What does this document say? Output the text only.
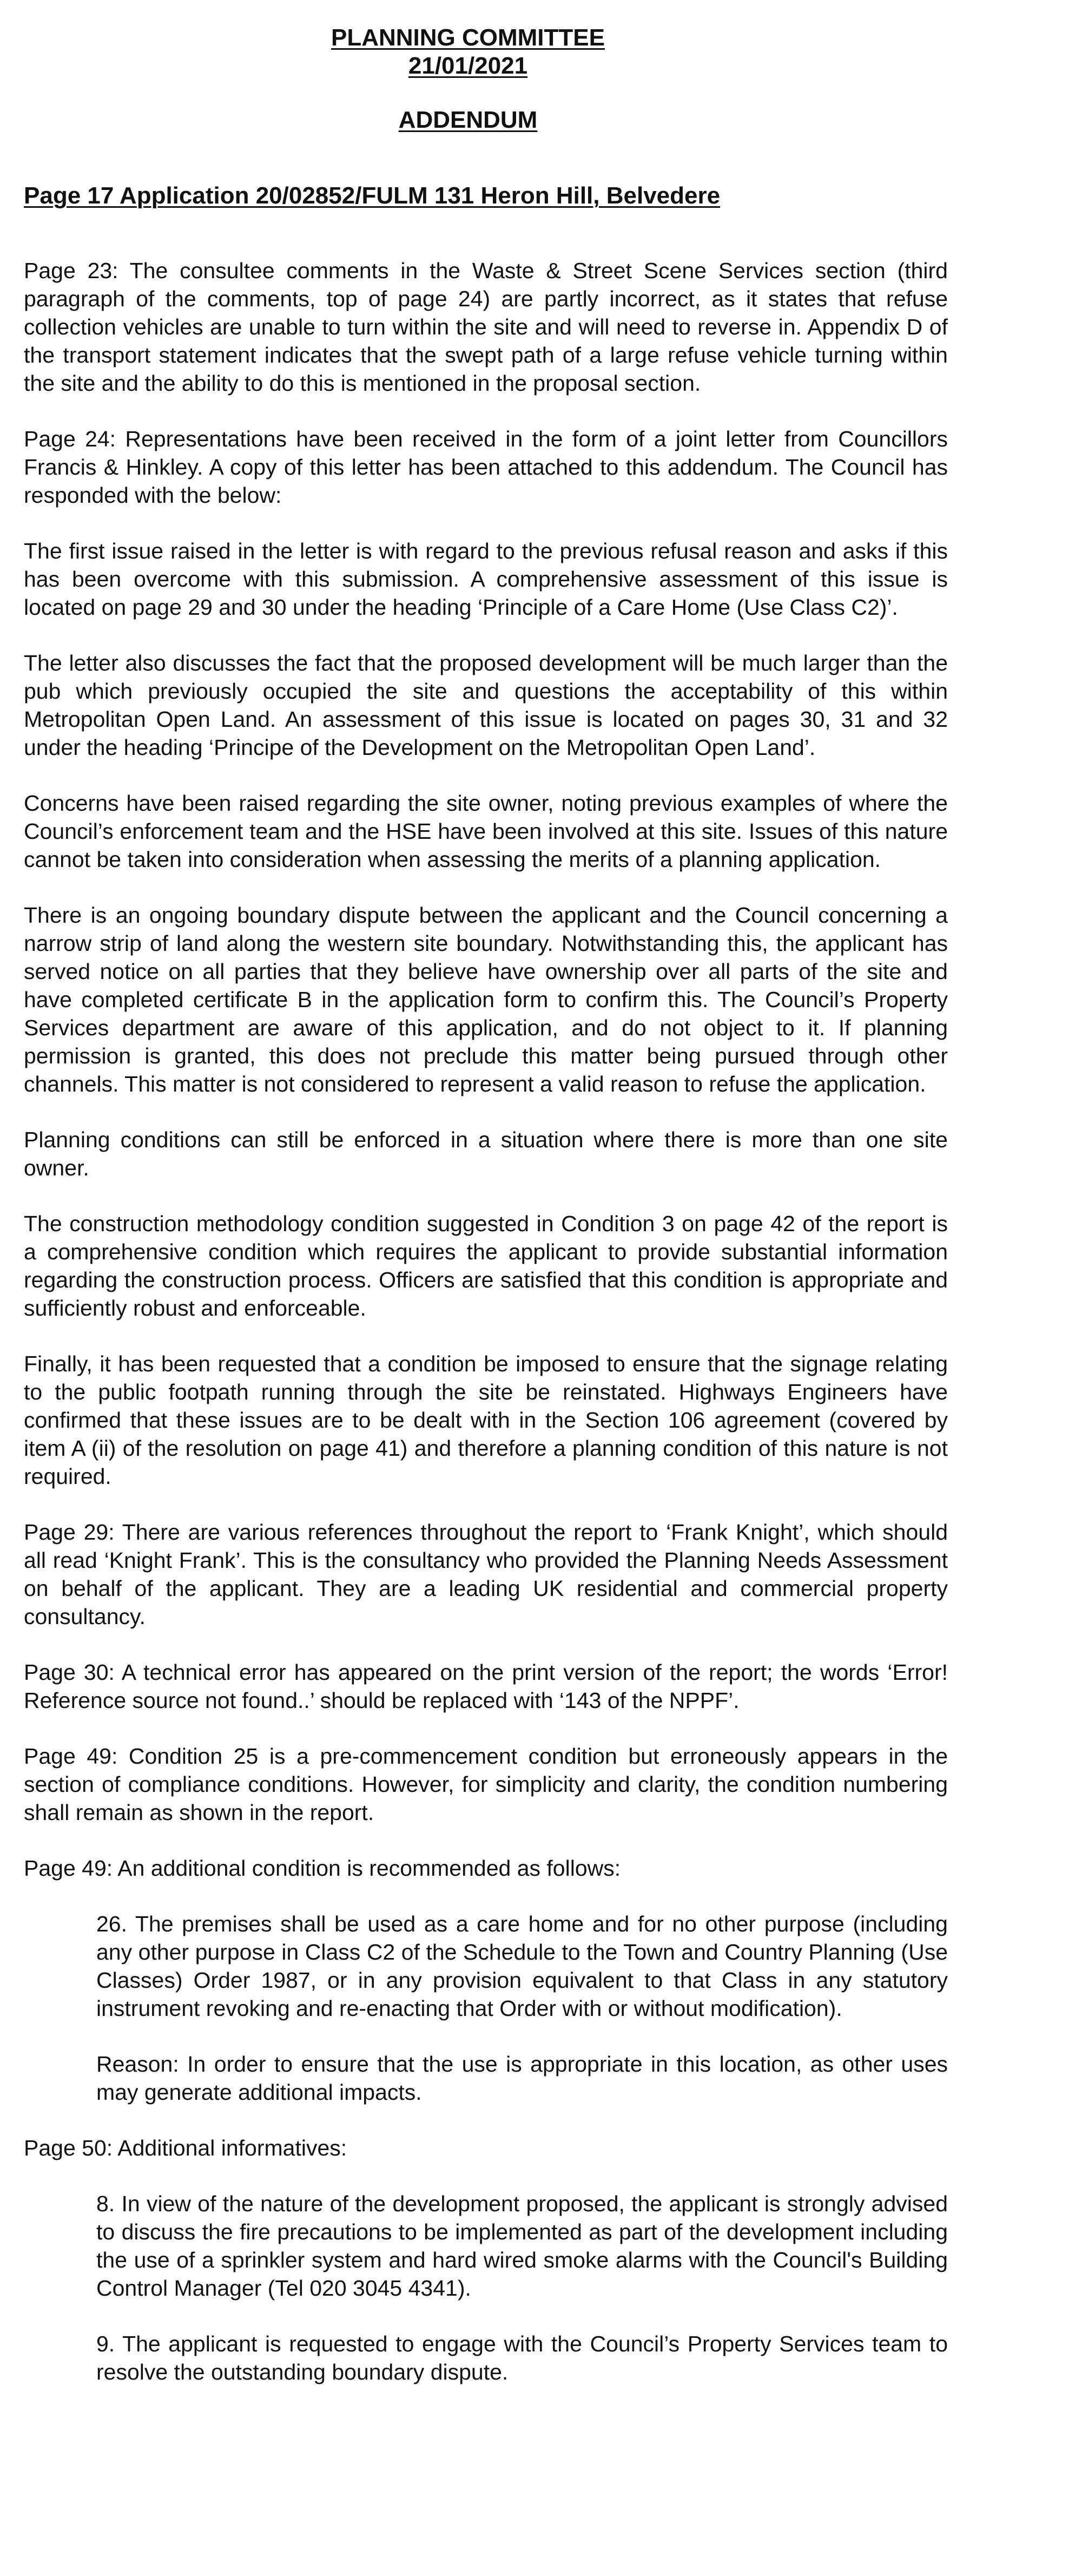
PLANNING COMMITTEE
21/01/2021
ADDENDUM
Page 17 Application 20/02852/FULM 131 Heron Hill, Belvedere

Page 23: The consultee comments in the Waste & Street Scene Services section (third paragraph of the comments, top of page 24) are partly incorrect, as it states that refuse collection vehicles are unable to turn within the site and will need to reverse in. Appendix D of the transport statement indicates that the swept path of a large refuse vehicle turning within the site and the ability to do this is mentioned in the proposal section.

Page 24: Representations have been received in the form of a joint letter from Councillors Francis & Hinkley. A copy of this letter has been attached to this addendum. The Council has responded with the below:

The first issue raised in the letter is with regard to the previous refusal reason and asks if this has been overcome with this submission. A comprehensive assessment of this issue is located on page 29 and 30 under the heading ‘Principle of a Care Home (Use Class C2)’.

The letter also discusses the fact that the proposed development will be much larger than the pub which previously occupied the site and questions the acceptability of this within Metropolitan Open Land. An assessment of this issue is located on pages 30, 31 and 32 under the heading ‘Principe of the Development on the Metropolitan Open Land’.

Concerns have been raised regarding the site owner, noting previous examples of where the Council’s enforcement team and the HSE have been involved at this site. Issues of this nature cannot be taken into consideration when assessing the merits of a planning application.

There is an ongoing boundary dispute between the applicant and the Council concerning a narrow strip of land along the western site boundary. Notwithstanding this, the applicant has served notice on all parties that they believe have ownership over all parts of the site and have completed certificate B in the application form to confirm this. The Council’s Property Services department are aware of this application, and do not object to it. If planning permission is granted, this does not preclude this matter being pursued through other channels. This matter is not considered to represent a valid reason to refuse the application.

Planning conditions can still be enforced in a situation where there is more than one site owner.

The construction methodology condition suggested in Condition 3 on page 42 of the report is a comprehensive condition which requires the applicant to provide substantial information regarding the construction process. Officers are satisfied that this condition is appropriate and sufficiently robust and enforceable.

Finally, it has been requested that a condition be imposed to ensure that the signage relating to the public footpath running through the site be reinstated. Highways Engineers have confirmed that these issues are to be dealt with in the Section 106 agreement (covered by item A (ii) of the resolution on page 41) and therefore a planning condition of this nature is not required.

Page 29: There are various references throughout the report to ‘Frank Knight’, which should all read ‘Knight Frank’. This is the consultancy who provided the Planning Needs Assessment on behalf of the applicant. They are a leading UK residential and commercial property consultancy.

Page 30: A technical error has appeared on the print version of the report; the words ‘Error! Reference source not found..’ should be replaced with ‘143 of the NPPF’.

Page 49: Condition 25 is a pre-commencement condition but erroneously appears in the section of compliance conditions. However, for simplicity and clarity, the condition numbering shall remain as shown in the report.

Page 49: An additional condition is recommended as follows:

26. The premises shall be used as a care home and for no other purpose (including any other purpose in Class C2 of the Schedule to the Town and Country Planning (Use Classes) Order 1987, or in any provision equivalent to that Class in any statutory instrument revoking and re-enacting that Order with or without modification).

Reason: In order to ensure that the use is appropriate in this location, as other uses may generate additional impacts.

Page 50: Additional informatives:

8. In view of the nature of the development proposed, the applicant is strongly advised to discuss the fire precautions to be implemented as part of the development including the use of a sprinkler system and hard wired smoke alarms with the Council's Building Control Manager (Tel 020 3045 4341).

9. The applicant is requested to engage with the Council’s Property Services team to resolve the outstanding boundary dispute.
